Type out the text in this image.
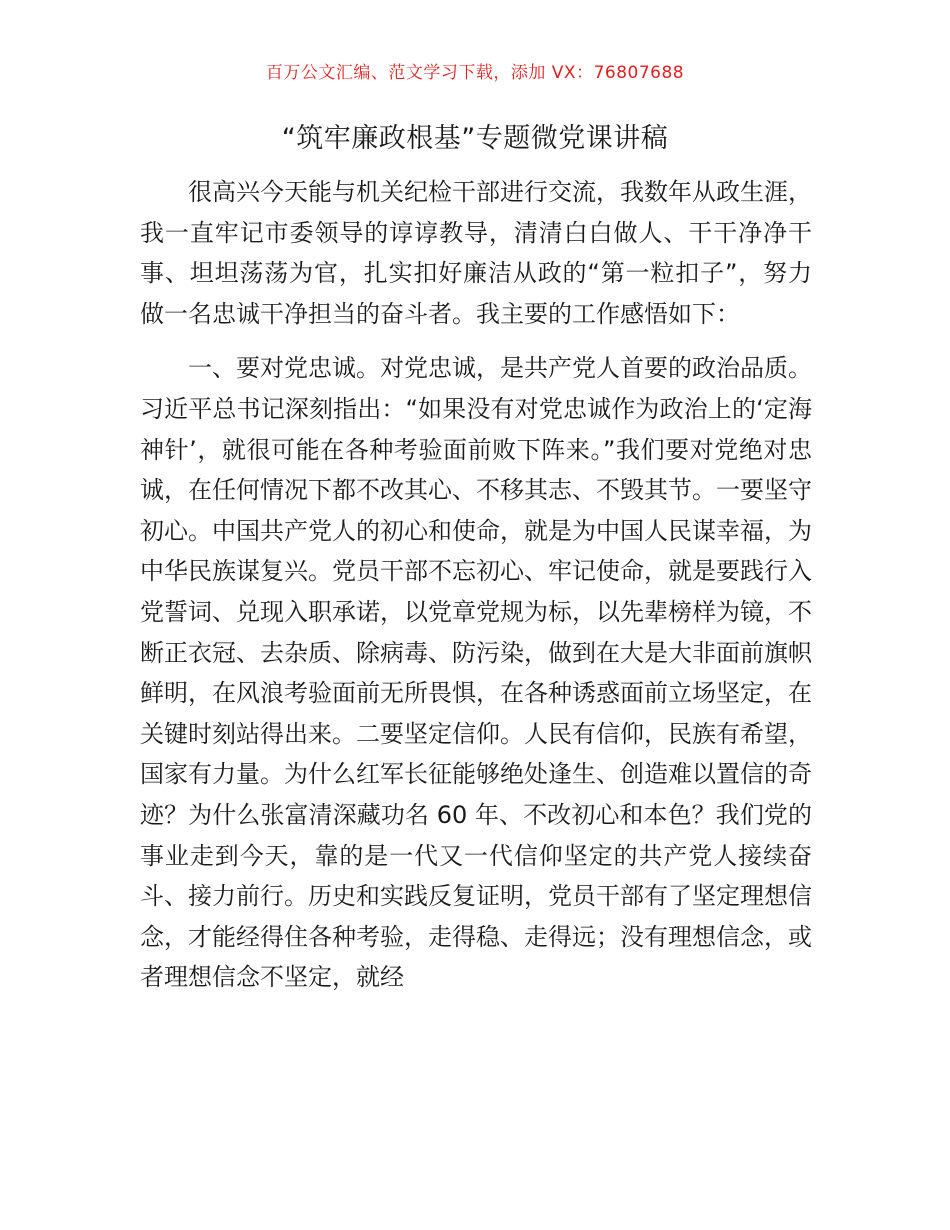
百万公文汇编、范文学习下载，添加 VX：76807688
“筑牢廉政根基”专题微党课讲稿

很高兴今天能与机关纪检干部进行交流，我数年从政生涯，我一直牢记市委领导的谆谆教导，清清白白做人、干干净净干事、坦坦荡荡为官，扎实扣好廉洁从政的“第一粒扣子”，努力做一名忠诚干净担当的奋斗者。我主要的工作感悟如下：

一、要对党忠诚。对党忠诚，是共产党人首要的政治品质。习近平总书记深刻指出：“如果没有对党忠诚作为政治上的‘定海神针’，就很可能在各种考验面前败下阵来。”我们要对党绝对忠诚，在任何情况下都不改其心、不移其志、不毁其节。一要坚守初心。中国共产党人的初心和使命，就是为中国人民谋幸福，为中华民族谋复兴。党员干部不忘初心、牢记使命，就是要践行入党誓词、兑现入职承诺，以党章党规为标，以先辈榜样为镜，不断正衣冠、去杂质、除病毒、防污染，做到在大是大非面前旗帜鲜明，在风浪考验面前无所畏惧，在各种诱惑面前立场坚定，在关键时刻站得出来。二要坚定信仰。人民有信仰，民族有希望，国家有力量。为什么红军长征能够绝处逢生、创造难以置信的奇迹？为什么张富清深藏功名 60 年、不改初心和本色？我们党的事业走到今天，靠的是一代又一代信仰坚定的共产党人接续奋斗、接力前行。历史和实践反复证明，党员干部有了坚定理想信念，才能经得住各种考验，走得稳、走得远；没有理想信念，或者理想信念不坚定，就经
